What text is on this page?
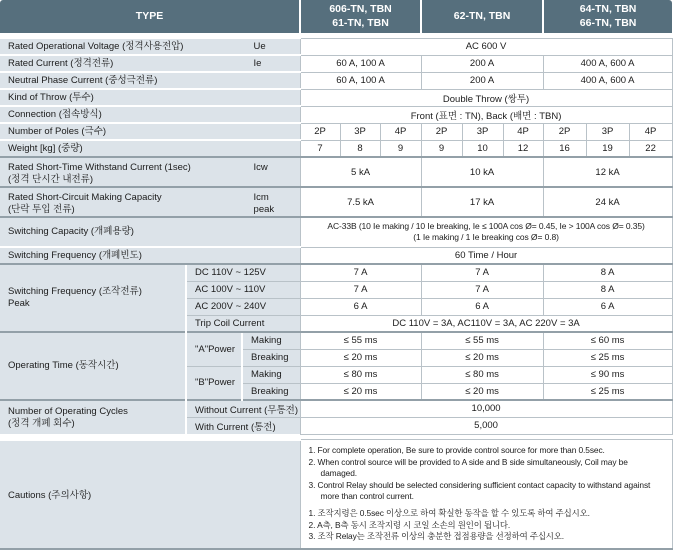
TYPE	
606-TN, TBN
61-TN, TBN

62-TN, TBN

64-TN, TBN
66-TN, TBN

Rated Operational Voltage (정격사용전압) Ue			AC 600 V								

Rated Current (정격전류) Ie			60 A, 100 A			200 A			400 A, 600 A		

Neutral Phase Current (중성극전류)			60 A, 100 A			200 A			400 A, 600 A		

Kind of Throw (투수)			Double Throw (쌍투)								

Connection (접속방식)			Front (표면 : TN), Back (배면 : TBN)								

Number of Poles (극수)			2P	3P	4P	2P	3P	4P	2P	3P	4P

Weight [kg] (중량)			7	8	9	9	10	12	16	19	22

Rated Short-Time Withstand Current (1sec)
(정격 단시간 내전류)
Icw			5 kA			10 kA			12 kA		

Rated Short-Circuit Making Capacity
(단락 투입 전류)
Icm
peak			7.5 kA			17 kA			24 kA		

Switching Capacity (개폐용량)			AC-33B (10 Ie making / 10 Ie breaking, Ie ≤ 100A cos Ø= 0.45, Ie > 100A cos Ø= 0.35)
(1 Ie making / 1 Ie breaking cos Ø= 0.8)								

Switching Frequency (개폐빈도)			60 Time / Hour								

Switching Frequency (조작전류)
Peak	DC 110V ~ 125V		7 A			7 A			8 A		
	AC 100V ~ 110V		7 A			7 A			8 A		
	AC 200V ~ 240V		6 A			6 A			6 A		
	Trip Coil Current		DC 110V = 3A, AC110V = 3A, AC 220V = 3A								

Operating Time (동작시간)	"A"Power	Making	≤ 55 ms			≤ 55 ms			≤ 60 ms		
		Breaking	≤ 20 ms			≤ 20 ms			≤ 25 ms		
	"B"Power	Making	≤ 80 ms			≤ 80 ms			≤ 90 ms		
		Breaking	≤ 20 ms			≤ 20 ms			≤ 25 ms		

Number of Operating Cycles
(정격 개폐 회수)	Without Current (무통전)		10,000								
	With Current (통전)		5,000								

Cautions (주의사항)	
1. For complete operation, Be sure to provide control source for more than 0.5sec.
2. When control source will be provided to A side and B side simultaneously, Coil may be damaged.
3. Control Relay should be selected considering sufficient contact capacity to withstand against more than control current.
1. 조작지령은 0.5sec 이상으로 하여 확실한 동작을 할 수 있도록 하여 주십시오.
2. A측, B측 동시 조작지령 시 코일 소손의 원인이 됩니다.
3. 조작 Relay는 조작전류 이상의 충분한 접점용량을 선정하여 주십시오.
